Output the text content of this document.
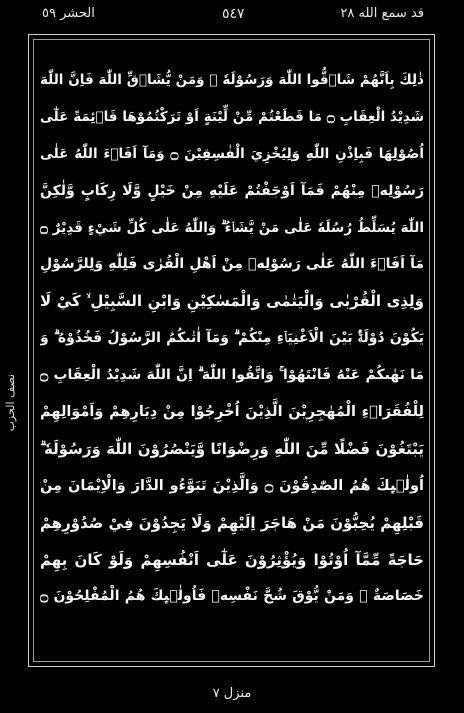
قد سمع الله ٢٨
٥٤٧
الحشر ٥٩
نصف الحزب
ذٰلِكَ بِاَنَّهُمْ شَاۤقُّوا اللّٰهَ وَرَسُوْلَهٗ ۚ وَمَنْ يُّشَاۤقِّ اللّٰهَ فَاِنَّ اللّٰهَ
شَدِيْدُ الْعِقَابِ ۝ مَا قَطَعْتُمْ مِّنْ لِّيْنَةٍ اَوْ تَرَكْتُمُوْهَا قَاۤئِمَةً عَلٰٓى
اُصُوْلِهَا فَبِاِذْنِ اللّٰهِ وَلِيُخْزِيَ الْفٰسِقِيْنَ ۝ وَمَآ اَفَاۤءَ اللّٰهُ عَلٰى
رَسُوْلِهٖ مِنْهُمْ فَمَآ اَوْجَفْتُمْ عَلَيْهِ مِنْ خَيْلٍ وَّلَا رِكَابٍ وَّلٰكِنَّ
اللّٰهَ يُسَلِّطُ رُسُلَهٗ عَلٰى مَنْ يَّشَاۤءُ ۗ وَاللّٰهُ عَلٰى كُلِّ شَيْءٍ قَدِيْرٌ ۝
مَآ اَفَاۤءَ اللّٰهُ عَلٰى رَسُوْلِهٖ مِنْ اَهْلِ الْقُرٰى فَلِلّٰهِ وَلِلرَّسُوْلِ
وَلِذِى الْقُرْبٰى وَالْيَتٰمٰى وَالْمَسٰكِيْنِ وَابْنِ السَّبِيْلِ ۙ كَيْ لَا
يَكُوْنَ دُوْلَةًۢ بَيْنَ الْاَغْنِيَاۤءِ مِنْكُمْ ۗ وَمَآ اٰتٰىكُمُ الرَّسُوْلُ فَخُذُوْهُ ۗ وَ
مَا نَهٰىكُمْ عَنْهُ فَانْتَهُوْا ۚ وَاتَّقُوا اللّٰهَ ۗ اِنَّ اللّٰهَ شَدِيْدُ الْعِقَابِ ۝
لِلْفُقَرَاۤءِ الْمُهٰجِرِيْنَ الَّذِيْنَ اُخْرِجُوْا مِنْ دِيَارِهِمْ وَاَمْوَالِهِمْ
يَبْتَغُوْنَ فَضْلًا مِّنَ اللّٰهِ وَرِضْوَانًا وَّيَنْصُرُوْنَ اللّٰهَ وَرَسُوْلَهٗ ۗ
اُولٰۤىِٕكَ هُمُ الصّٰدِقُوْنَ ۝ وَالَّذِيْنَ تَبَوَّءُو الدَّارَ وَالْاِيْمَانَ مِنْ
قَبْلِهِمْ يُحِبُّوْنَ مَنْ هَاجَرَ اِلَيْهِمْ وَلَا يَجِدُوْنَ فِيْ صُدُوْرِهِمْ
حَاجَةً مِّمَّآ اُوْتُوْا وَيُؤْثِرُوْنَ عَلٰٓى اَنْفُسِهِمْ وَلَوْ كَانَ بِهِمْ
خَصَاصَةٌ ۗ وَمَنْ يُّوْقَ شُحَّ نَفْسِهٖ فَاُولٰۤىِٕكَ هُمُ الْمُفْلِحُوْنَ ۝
منزل ٧
